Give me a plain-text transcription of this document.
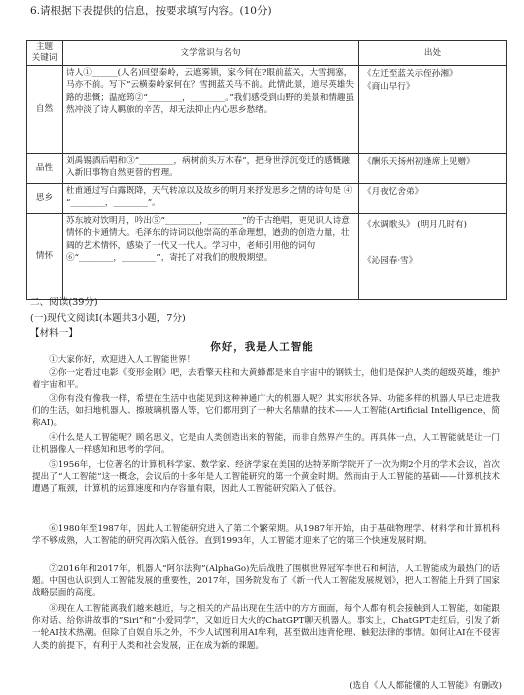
6.请根据下表提供的信息，按要求填写内容。(10分)
主题
关键词	文学常识与名句	出处
自然	诗人①______(人名)回望秦岭，云遮雾锁，家今何在?眼前蓝关，大雪拥塞，马亦不前。写下“云横秦岭家何在？雪拥蓝关马不前。此情此景，道尽英雄失路的悲慨；温庭筠②“________，________。”我们感受到山野的美景和情趣虽然冲淡了诗人羁旅的辛苦，却无法抑止内心思乡愁绪。	《左迁至蓝关示侄孙湘》
《商山早行》

品性	刘禹锡酒后唱和③“________，病树前头万木春”，把身世浮沉变迁的感慨融入新旧事物自然更替的哲理。	《酬乐天扬州初逢席上见赠》

思乡	杜甫通过写白露既降，天气转凉以及故乡的明月来抒发思乡之情的诗句是 ④ “________，________”。	《月夜忆舍弟》

情怀	苏东坡对饮明月，吟出⑤“________，________”的千古绝唱，更见识人诗意情怀的卡通情大。毛泽东的诗词以他崇高的革命理想，遒劲的创造力量，壮阔的艺术情怀，感染了一代又一代人。学习中，老师引用他的词句⑥“________，________”，寄托了对我们的殷殷期望。	《水调歌头》 (明月几时有)
《沁园春·雪》
二、阅读(39分)
(一)现代文阅读Ⅰ(本题共3小题，7分)
【材料一】
你好，我是人工智能
①大家你好，欢迎进入人工智能世界！
②你一定看过电影《变形金刚》吧，去看擎天柱和大黄蜂都是来自宇宙中的钢铁士，他们是保护人类的超级英雄，维护着宇宙和平。
③你有没有像我一样，希望在生活中也能见到这种神通广大的机器人呢？其实形状各异、功能多样的机器人早已走进我们的生活，如扫地机器人、擦玻璃机器人等，它们都用到了一种大名鼎鼎的技术——人工智能(Artificial Intelligence，简称AI)。
④什么是人工智能呢？顾名思义，它是由人类创造出来的智能，而非自然界产生的。再具体一点，人工智能就是让一门让机器像人一样感知和思考的学问。
⑤1956年，七位著名的计算机科学家、数学家、经济学家在美国的达特茅斯学院开了一次为期2个月的学术会议，首次提出了“人工智能”这一概念，会议后的十多年是人工智能研究的第一个黄金时期。然而由于人工智能的基础——计算机技术遭遇了瓶颈，计算机的运算速度和内存容量有限，因此人工智能研究陷入了低谷。
⑥1980年至1987年，因此人工智能研究进入了第二个繁荣期。从1987年开始，由于基础物理学、材料学和计算机科学不够成熟，人工智能的研究再次陷入低谷。直到1993年，人工智能才迎来了它的第三个快速发展时期。
⑦2016年和2017年，机器人“阿尔法狗”(AlphaGo)先后战胜了围棋世界冠军李世石和柯洁，人工智能成为最热门的话题。中国也认识到人工智能发展的重要性，2017年，国务院发布了《新一代人工智能发展规划》，把人工智能上升到了国家战略层面的高度。
⑧现在人工智能离我们越来越近，与之相关的产品出现在生活中的方方面面，每个人都有机会接触到人工智能，如能跟你对话、给你讲故事的“Siri”和“小爱同学”，又如近日大火的ChatGPT聊天机器人。事实上，ChatGPT走红后，引发了新一轮AI技术热潮。但除了自娱自乐之外，不少人试图利用AI牟利，甚至做出违背伦理、触犯法律的事情。如何让AI在不侵害人类的前提下，有利于人类和社会发展，正在成为新的课题。
(选自《人人都能懂的人工智能》有删改)
